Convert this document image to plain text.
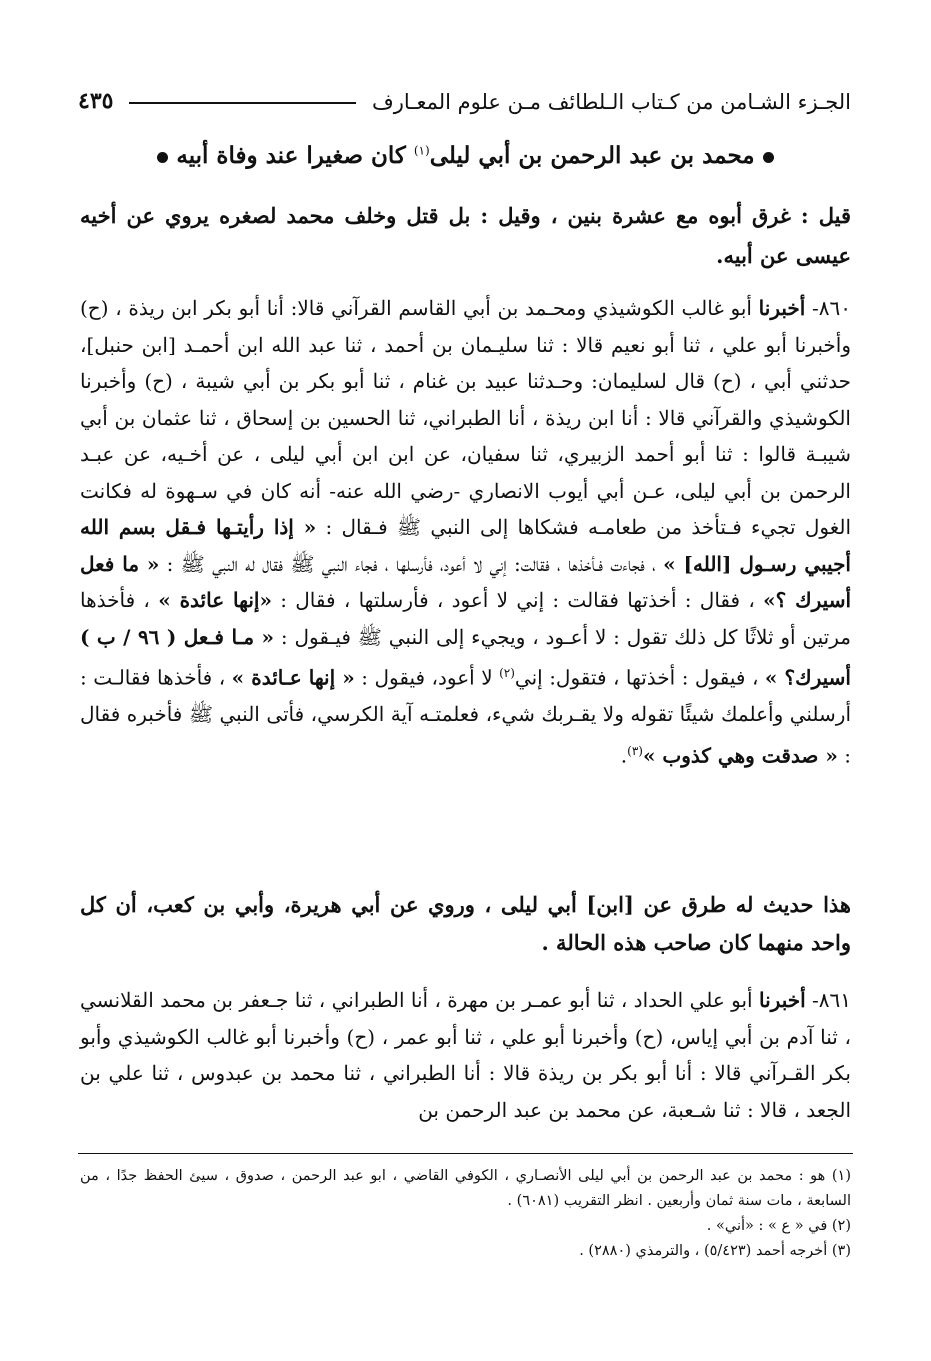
الجـزء الشـامن من كـتاب الـلطائف مـن علوم المعـارف
٤٣٥
محمد بن عبد الرحمن بن أبي ليلى$^{(١)}$ كان صغيرا عند وفاة أبيه
قيل : غرق أبوه مع عشرة بنين ، وقيل : بل قتل وخلف محمد لصغره يروي عن أخيه عيسى عن أبيه.
٨٦٠- أخبرنا أبو غالب الكوشيذي ومحـمد بن أبي القاسم القرآني قالا: أنا أبو بكر ابن ريذة ، (ح) وأخبرنا أبو علي ، ثنا أبو نعيم قالا : ثنا سليـمان بن أحمد ، ثنا عبد الله ابن أحمـد [ابن حنبل]، حدثني أبي ، (ح) قال لسليمان: وحـدثنا عبيد بن غنام ، ثنا أبو بكر بن أبي شيبة ، (ح) وأخبرنا الكوشيذي والقرآني قالا : أنا ابن ريذة ، أنا الطبراني، ثنا الحسين بن إسحاق ، ثنا عثمان بن أبي شيبـة قالوا : ثنا أبو أحمد الزبيري، ثنا سفيان، عن ابن ابن أبي ليلى ، عن أخـيه، عن عبـد الرحمن بن أبي ليلى، عـن أبي أيوب الانصاري -رضي الله عنه- أنه كان في سـهوة له فكانت الغول تجيء فـتأخذ من طعامـه فشكاها إلى النبي ﷺ فـقال : « إذا رأيتـها فـقل بسم الله أجيبي رسـول [الله] » ، فجاءت فـأخذها ، فقالت: إني لا أعود، فأرسلها ، فجاء النبي ﷺ فقال له النبي ﷺ : « ما فعل أسيرك ؟» ، فقال : أخذتها فقالت : إني لا أعود ، فأرسلتها ، فقال : «إنها عائدة » ، فأخذها مرتين أو ثلاثًا كل ذلك تقول : لا أعـود ، ويجيء إلى النبي ﷺ فيـقول : « مـا فـعل ( ٩٦ / ب ) أسيرك؟ » ، فيقول : أخذتها ، فتقول: إني$^{(٢)}$ لا أعود، فيقول : « إنها عـائدة » ، فأخذها فقالـت : أرسلني وأعلمك شيئًا تقوله ولا يقـربك شيء، فعلمتـه آية الكرسي، فأتى النبي ﷺ فأخبره فقال : « صدقت وهي كذوب »$^{(٣)}$.
هذا حديث له طرق عن [ابن] أبي ليلى ، وروي عن أبي هريرة، وأبي بن كعب، أن كل واحد منهما كان صاحب هذه الحالة .
٨٦١- أخبرنا أبو علي الحداد ، ثنا أبو عمـر بن مهرة ، أنا الطبراني ، ثنا جـعفر بن محمد القلانسي ، ثنا آدم بن أبي إياس، (ح) وأخبرنا أبو علي ، ثنا أبو عمر ، (ح) وأخبرنا أبو غالب الكوشيذي وأبو بكر القـرآني قالا : أنا أبو بكر بن ريذة قالا : أنا الطبراني ، ثنا محمد بن عبدوس ، ثنا علي بن الجعد ، قالا : ثنا شـعبة، عن محمد بن عبد الرحمن بن

(١) هو : محمد بن عبد الرحمن بن أبي ليلى الأنصـاري ، الكوفي القاضي ، ابو عبد الرحمن ، صدوق ، سيئ الحفظ جدًا ، من السابعة ، مات سنة ثمان وأربعين . انظر التقريب (٦٠٨١) .

(٢) في « ع » : «أني» .

(٣) أخرجه أحمد (٥/٤٢٣) ، والترمذي (٢٨٨٠) .
